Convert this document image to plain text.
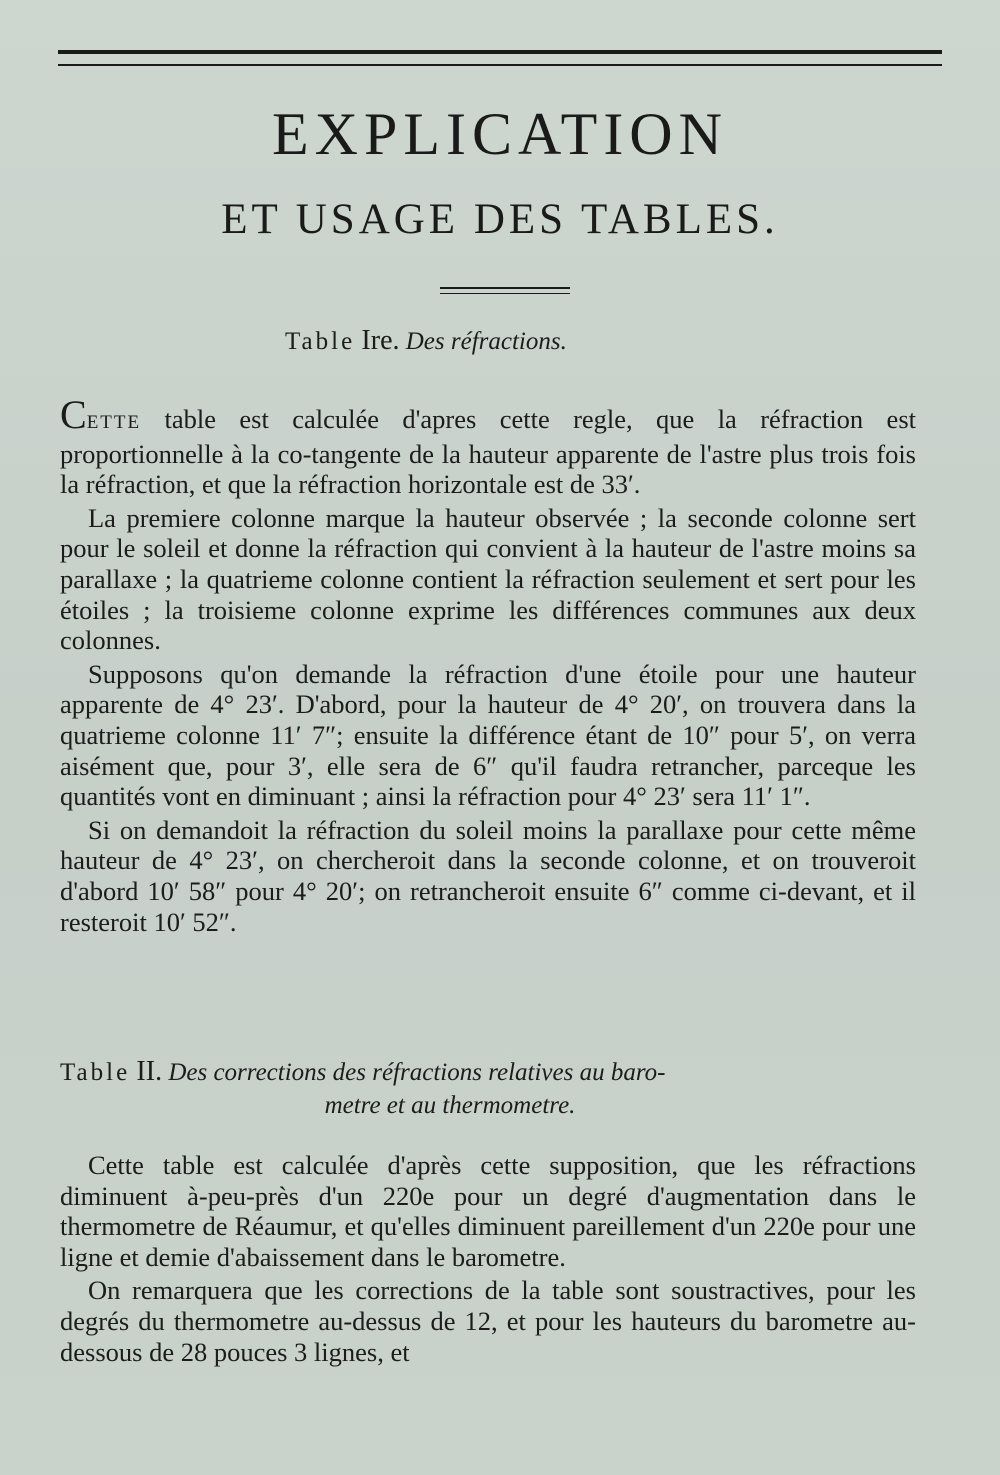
EXPLICATION
ET USAGE DES TABLES.
Table Ire. Des réfractions.

CETTE table est calculée d'apres cette regle, que la réfraction est proportionnelle à la co-tangente de la hauteur apparente de l'astre plus trois fois la réfraction, et que la réfraction horizontale est de 33′.

La premiere colonne marque la hauteur observée ; la seconde colonne sert pour le soleil et donne la réfraction qui convient à la hauteur de l'astre moins sa parallaxe ; la quatrieme colonne contient la réfraction seulement et sert pour les étoiles ; la troisieme colonne exprime les différences communes aux deux colonnes.

Supposons qu'on demande la réfraction d'une étoile pour une hauteur apparente de 4° 23′. D'abord, pour la hauteur de 4° 20′, on trouvera dans la quatrieme colonne 11′ 7″; ensuite la différence étant de 10″ pour 5′, on verra aisément que, pour 3′, elle sera de 6″ qu'il faudra retrancher, parceque les quantités vont en diminuant ; ainsi la réfraction pour 4° 23′ sera 11′ 1″.

Si on demandoit la réfraction du soleil moins la parallaxe pour cette même hauteur de 4° 23′, on chercheroit dans la seconde colonne, et on trouveroit d'abord 10′ 58″ pour 4° 20′; on retrancheroit ensuite 6″ comme ci-devant, et il resteroit 10′ 52″.

Table II. Des corrections des réfractions relatives au baro-
metre et au thermometre.

Cette table est calculée d'après cette supposition, que les réfractions diminuent à-peu-près d'un 220e pour un degré d'augmentation dans le thermometre de Réaumur, et qu'elles diminuent pareillement d'un 220e pour une ligne et demie d'abaissement dans le barometre.

On remarquera que les corrections de la table sont soustractives, pour les degrés du thermometre au-dessus de 12, et pour les hauteurs du barometre au-dessous de 28 pouces 3 lignes, et
